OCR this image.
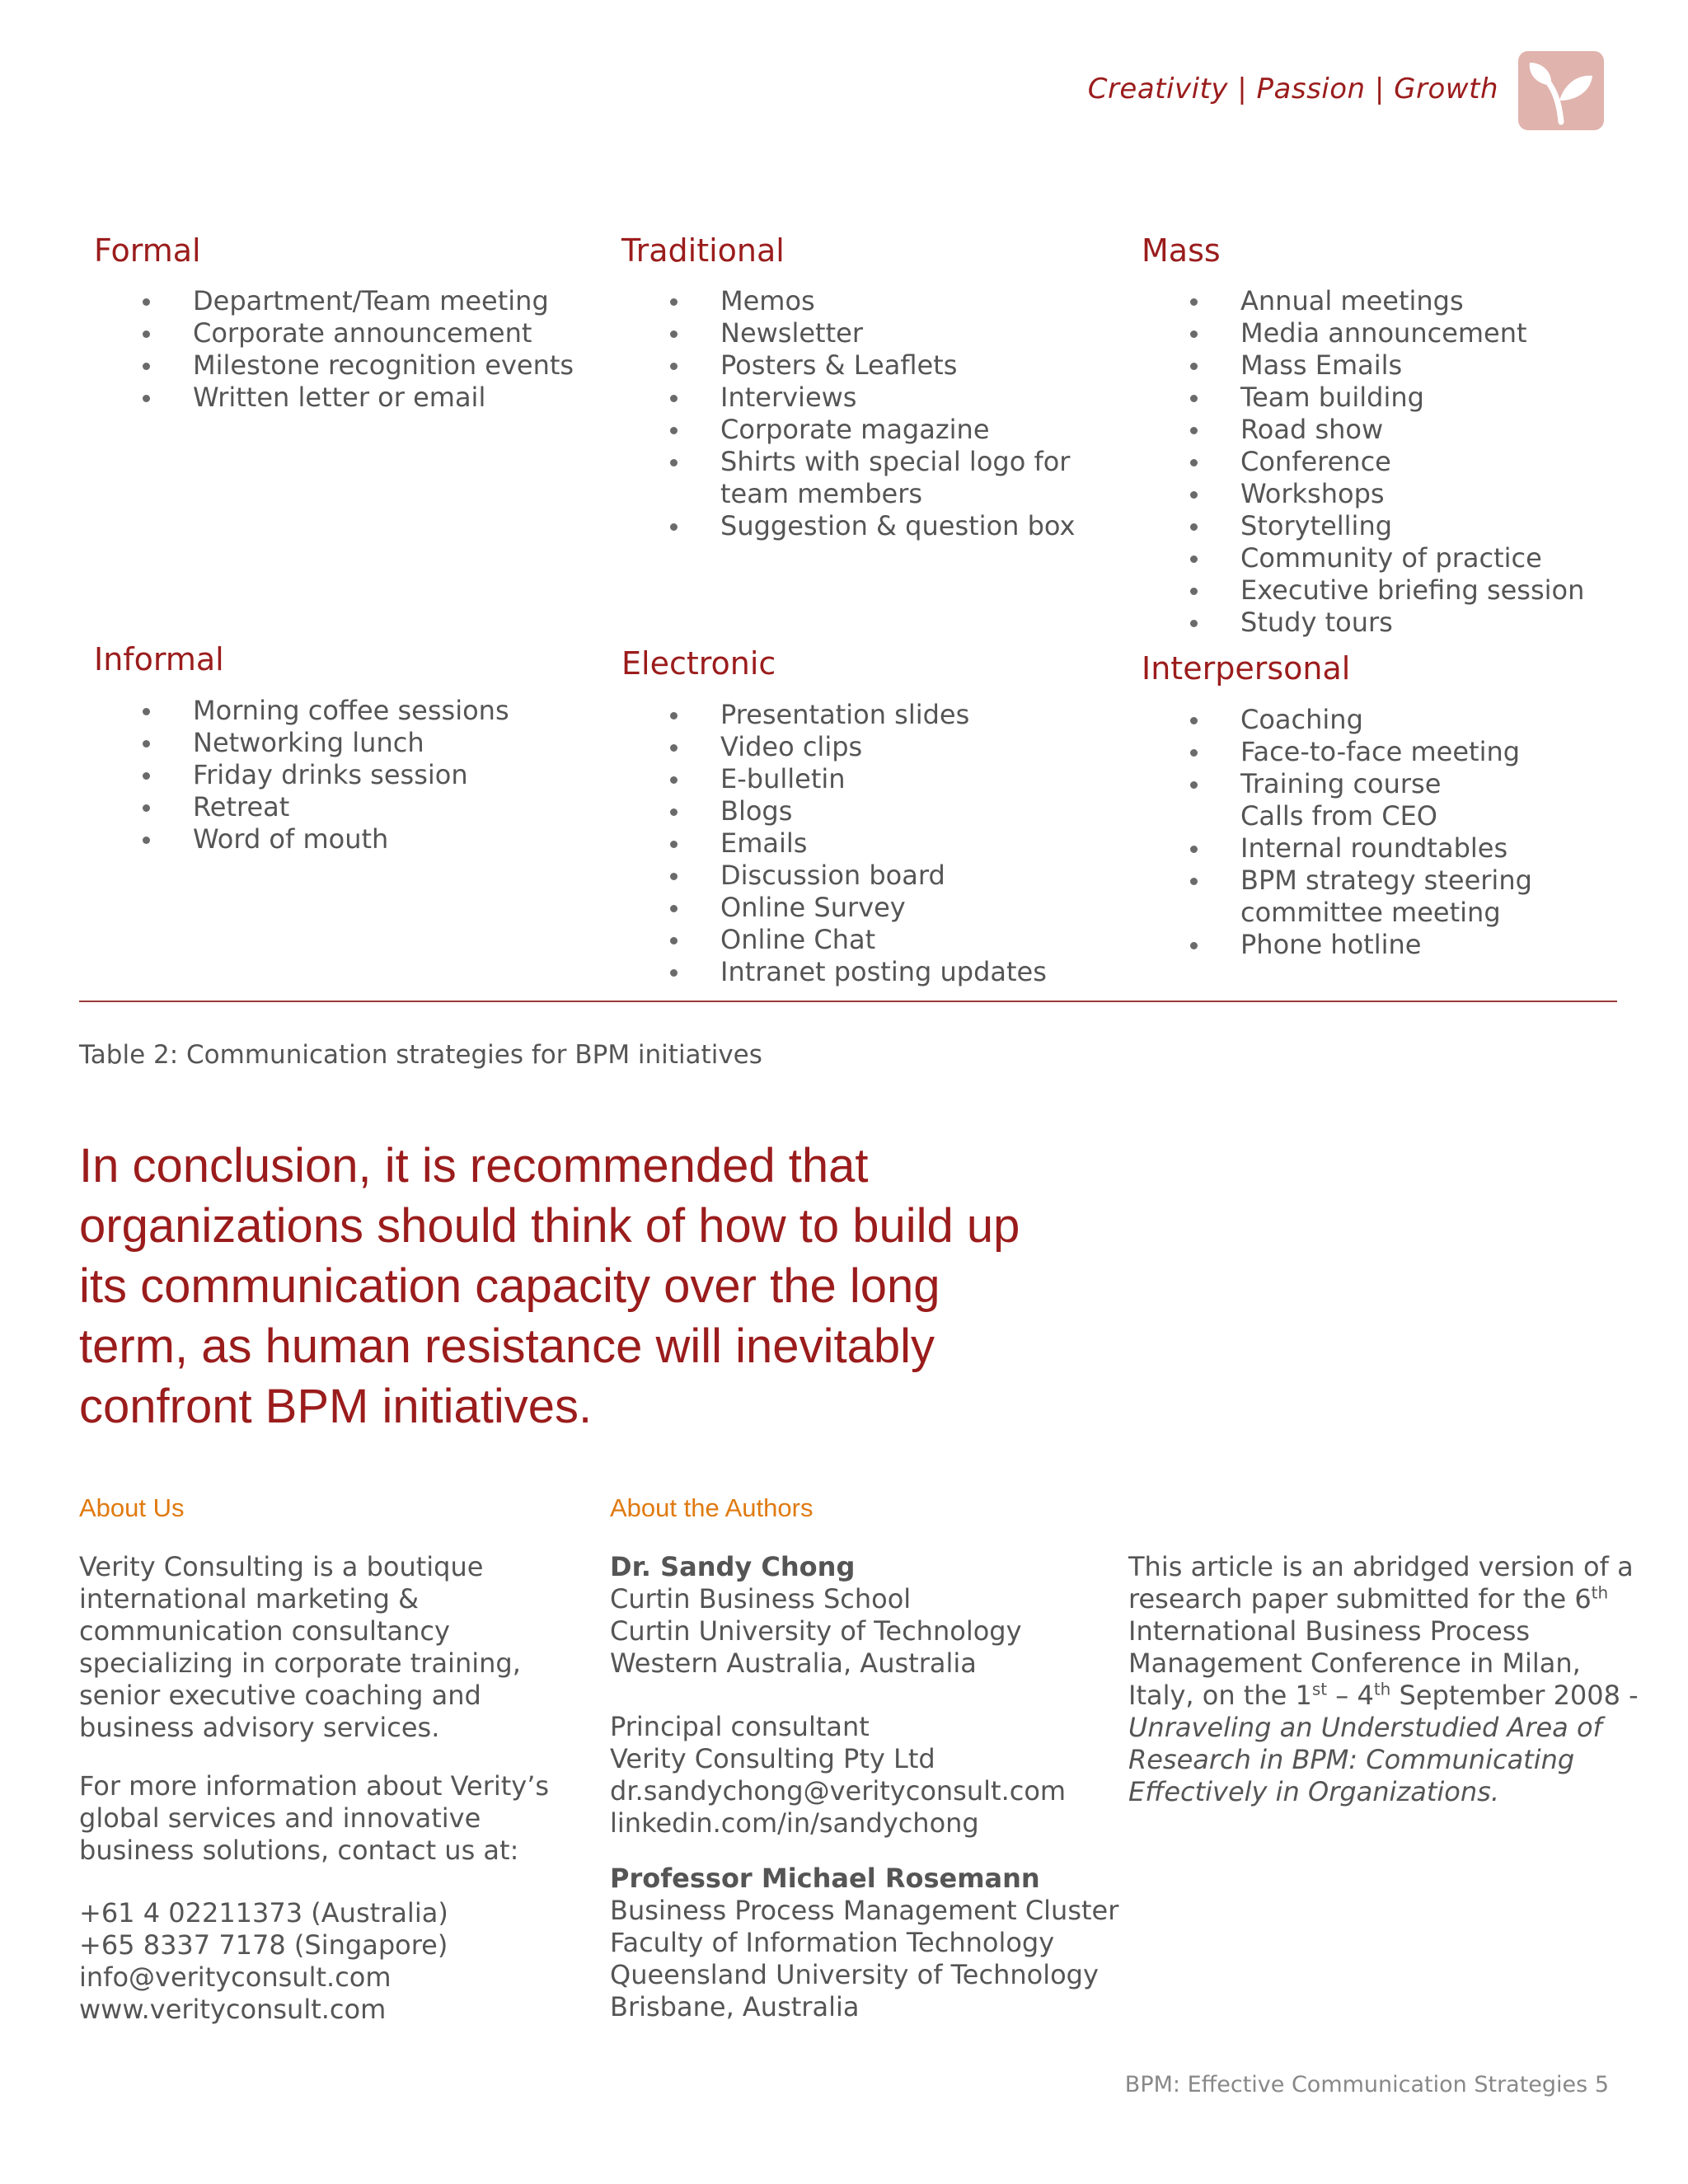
Creativity | Passion | Growth
Formal
Department/Team meeting
Corporate announcement
Milestone recognition events
Written letter or email
Traditional
Memos
Newsletter
Posters & Leaflets
Interviews
Corporate magazine
Shirts with special logo for
team members
Suggestion & question box
Mass
Annual meetings
Media announcement
Mass Emails
Team building
Road show
Conference
Workshops
Storytelling
Community of practice
Executive briefing session
Study tours
Informal
Morning coffee sessions
Networking lunch
Friday drinks session
Retreat
Word of mouth
Electronic
Presentation slides
Video clips
E-bulletin
Blogs
Emails
Discussion board
Online Survey
Online Chat
Intranet posting updates
Interpersonal
Coaching
Face-to-face meeting
Training course
Calls from CEO
Internal roundtables
BPM strategy steering
committee meeting
Phone hotline
Table 2: Communication strategies for BPM initiatives
In conclusion, it is recommended that
organizations should think of how to build up
its communication capacity over the long
term, as human resistance will inevitably
confront BPM initiatives.
About Us
Verity Consulting is a boutique
international marketing &
communication consultancy
specializing in corporate training,
senior executive coaching and
business advisory services.
For more information about Verity’s
global services and innovative
business solutions, contact us at:
+61 4 02211373 (Australia)
+65 8337 7178 (Singapore)
info@verityconsult.com
www.verityconsult.com
About the Authors
Dr. Sandy Chong
Curtin Business School
Curtin University of Technology
Western Australia, Australia
Principal consultant
Verity Consulting Pty Ltd
dr.sandychong@verityconsult.com
linkedin.com/in/sandychong
Professor Michael Rosemann
Business Process Management Cluster
Faculty of Information Technology
Queensland University of Technology
Brisbane, Australia
This article is an abridged version of a
research paper submitted for the 6th
International Business Process
Management Conference in Milan,
Italy, on the 1st – 4th September 2008 -
Unraveling an Understudied Area of
Research in BPM: Communicating
Effectively in Organizations.
BPM: Effective Communication Strategies 5
